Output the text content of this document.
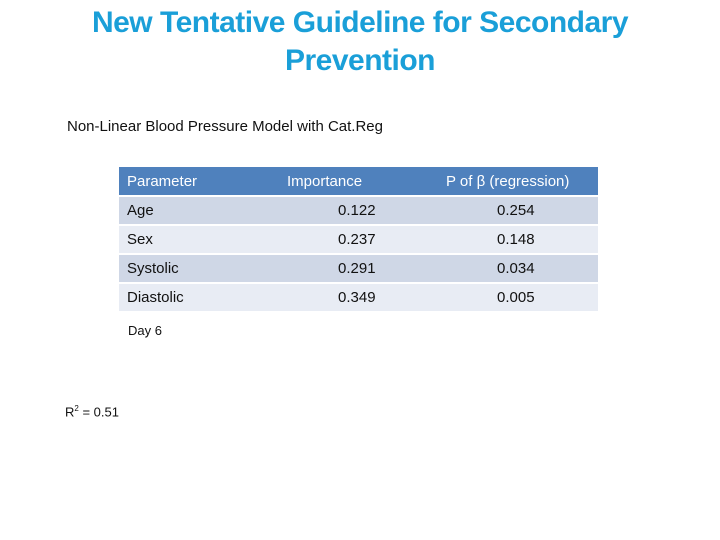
New Tentative Guideline for Secondary Prevention
Non-Linear Blood Pressure Model with Cat.Reg
Parameter	Importance	P of β (regression)
Age	0.122	0.254
Sex	0.237	0.148
Systolic	0.291	0.034
Diastolic	0.349	0.005
Day 6
$R^2 = 0.51$
